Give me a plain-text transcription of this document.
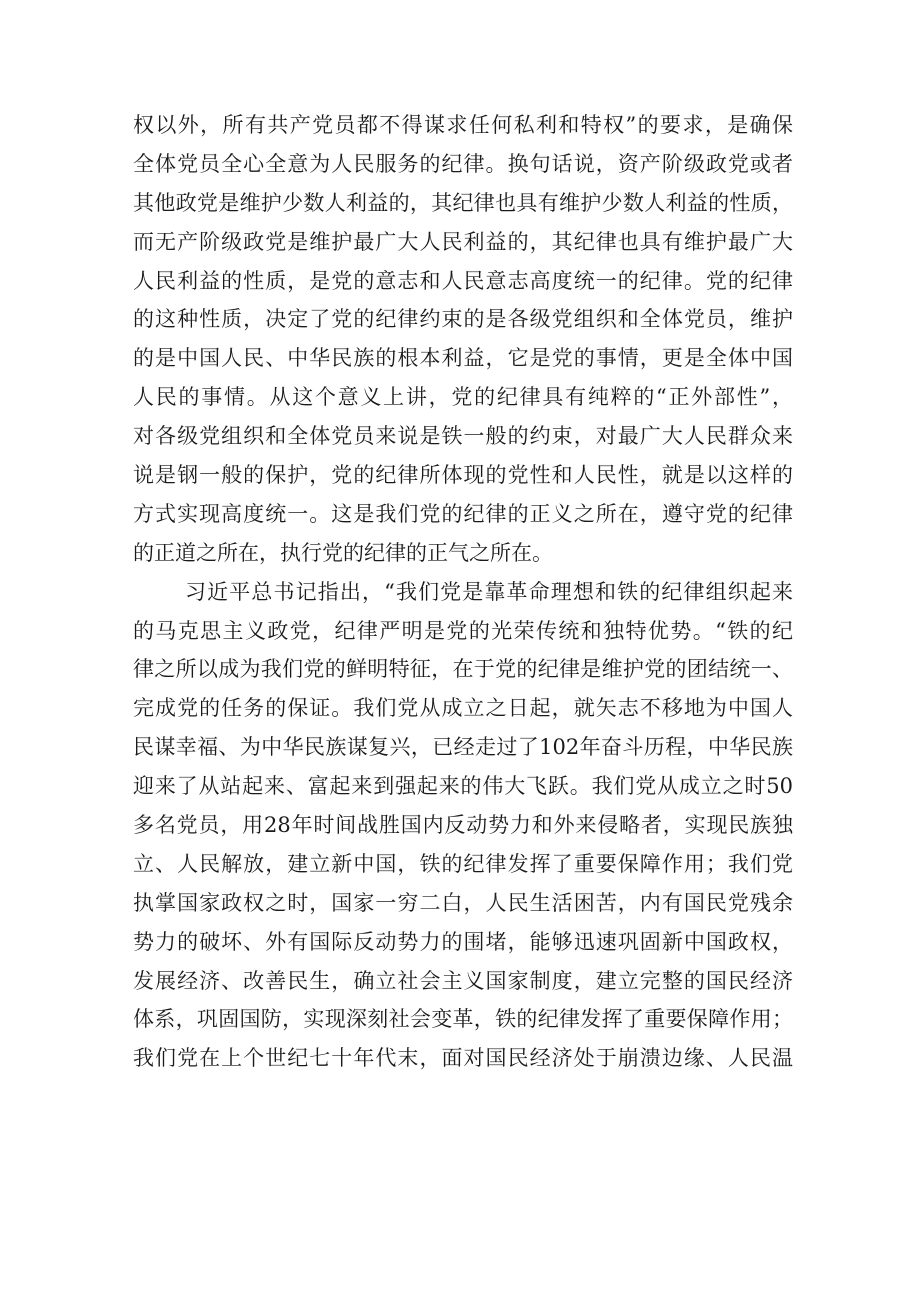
权以外，所有共产党员都不得谋求任何私利和特权”的要求，是确保
全体党员全心全意为人民服务的纪律。换句话说，资产阶级政党或者
其他政党是维护少数人利益的，其纪律也具有维护少数人利益的性质，
而无产阶级政党是维护最广大人民利益的，其纪律也具有维护最广大
人民利益的性质，是党的意志和人民意志高度统一的纪律。党的纪律
的这种性质，决定了党的纪律约束的是各级党组织和全体党员，维护
的是中国人民、中华民族的根本利益，它是党的事情，更是全体中国
人民的事情。从这个意义上讲，党的纪律具有纯粹的“正外部性”，
对各级党组织和全体党员来说是铁一般的约束，对最广大人民群众来
说是钢一般的保护，党的纪律所体现的党性和人民性，就是以这样的
方式实现高度统一。这是我们党的纪律的正义之所在，遵守党的纪律
的正道之所在，执行党的纪律的正气之所在。
习近平总书记指出，“我们党是靠革命理想和铁的纪律组织起来
的马克思主义政党，纪律严明是党的光荣传统和独特优势。“铁的纪
律之所以成为我们党的鲜明特征，在于党的纪律是维护党的团结统一、
完成党的任务的保证。我们党从成立之日起，就矢志不移地为中国人
民谋幸福、为中华民族谋复兴，已经走过了102年奋斗历程，中华民族
迎来了从站起来、富起来到强起来的伟大飞跃。我们党从成立之时50
多名党员，用28年时间战胜国内反动势力和外来侵略者，实现民族独
立、人民解放，建立新中国，铁的纪律发挥了重要保障作用；我们党
执掌国家政权之时，国家一穷二白，人民生活困苦，内有国民党残余
势力的破坏、外有国际反动势力的围堵，能够迅速巩固新中国政权，
发展经济、改善民生，确立社会主义国家制度，建立完整的国民经济
体系，巩固国防，实现深刻社会变革，铁的纪律发挥了重要保障作用；
我们党在上个世纪七十年代末，面对国民经济处于崩溃边缘、人民温
